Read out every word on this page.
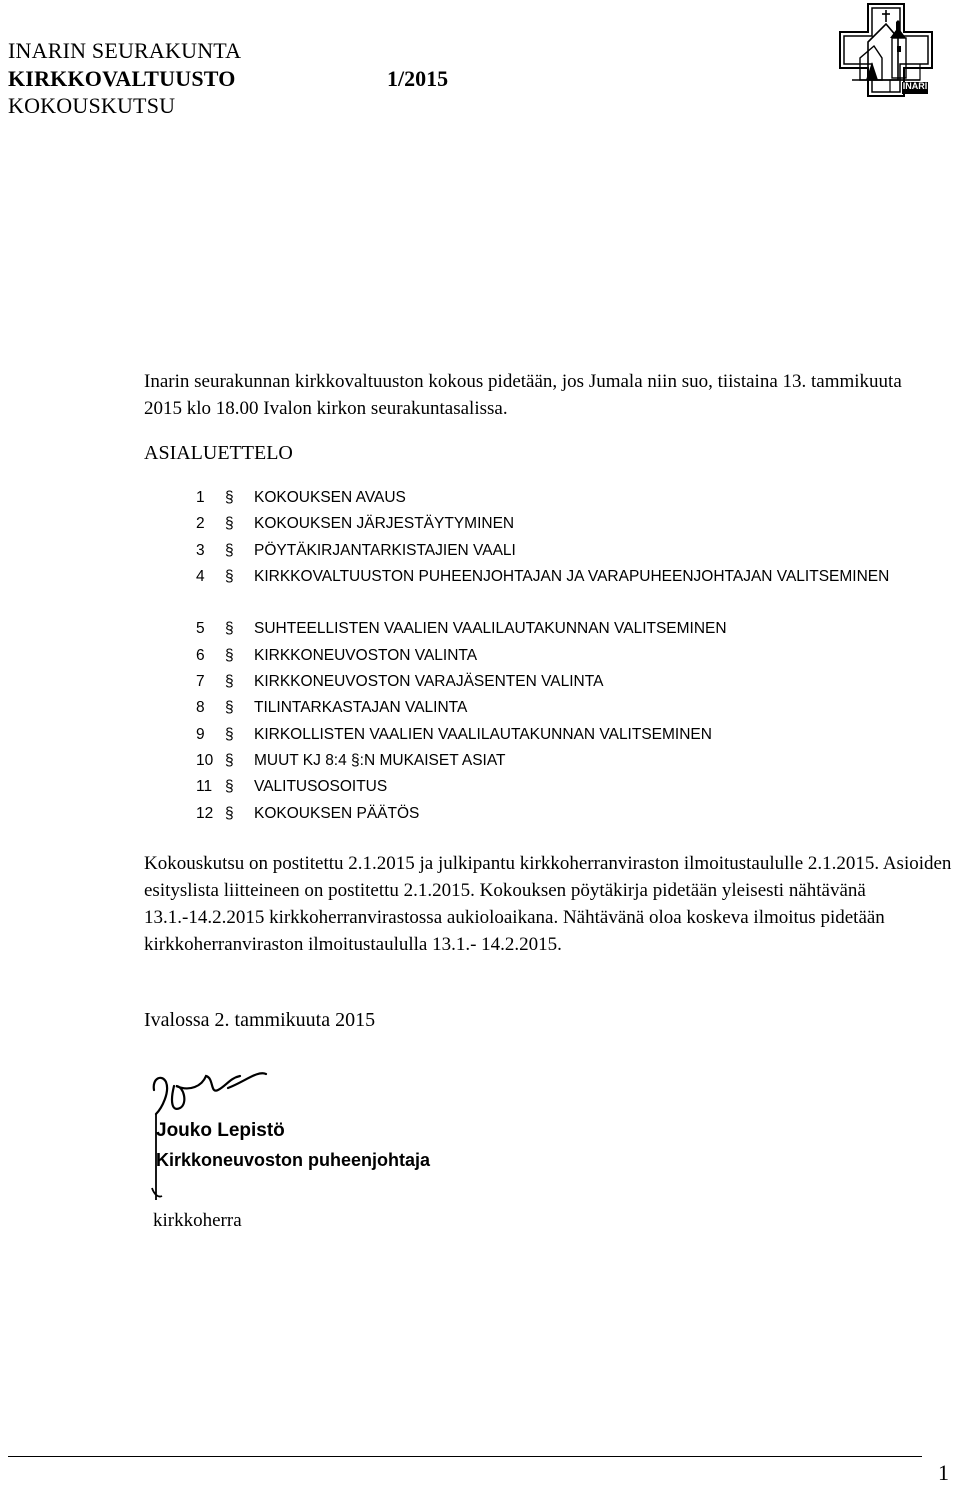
INARIN SEURAKUNTA
KIRKKOVALTUUSTO	1/2015
KOKOUSKUTSU
INARI
Inarin seurakunnan kirkkovaltuuston kokous pidetään, jos Jumala niin suo, tiistaina 13. tammikuuta 2015 klo 18.00 Ivalon kirkon seurakuntasalissa.
ASIALUETTELO
1	§ KOKOUKSEN AVAUS
2	§ KOKOUKSEN JÄRJESTÄYTYMINEN
3	§ PÖYTÄKIRJANTARKISTAJIEN VAALI
4	§ KIRKKOVALTUUSTON PUHEENJOHTAJAN JA VARAPUHEENJOHTAJAN VALITSEMINEN
5	§ SUHTEELLISTEN VAALIEN VAALILAUTAKUNNAN VALITSEMINEN
6	§ KIRKKONEUVOSTON VALINTA
7	§ KIRKKONEUVOSTON VARAJÄSENTEN VALINTA
8	§ TILINTARKASTAJAN VALINTA
9	§ KIRKOLLISTEN VAALIEN VAALILAUTAKUNNAN VALITSEMINEN
10 § MUUT KJ 8:4 §:N MUKAISET ASIAT
11 § VALITUSOSOITUS
12 § KOKOUKSEN PÄÄTÖS
Kokouskutsu on postitettu 2.1.2015 ja julkipantu kirkkoherranviraston ilmoitustaululle 2.1.2015. Asioiden esityslista liitteineen on postitettu 2.1.2015. Kokouksen pöytäkirja pidetään yleisesti nähtävänä 13.1.-14.2.2015 kirkkoherranvirastossa aukioloaikana. Nähtävänä oloa koskeva ilmoitus pidetään kirkkoherranviraston ilmoitustaululla 13.1.- 14.2.2015.
Ivalossa 2. tammikuuta 2015
Jouko Lepistö
Kirkkoneuvoston puheenjohtaja
kirkkoherra
1
